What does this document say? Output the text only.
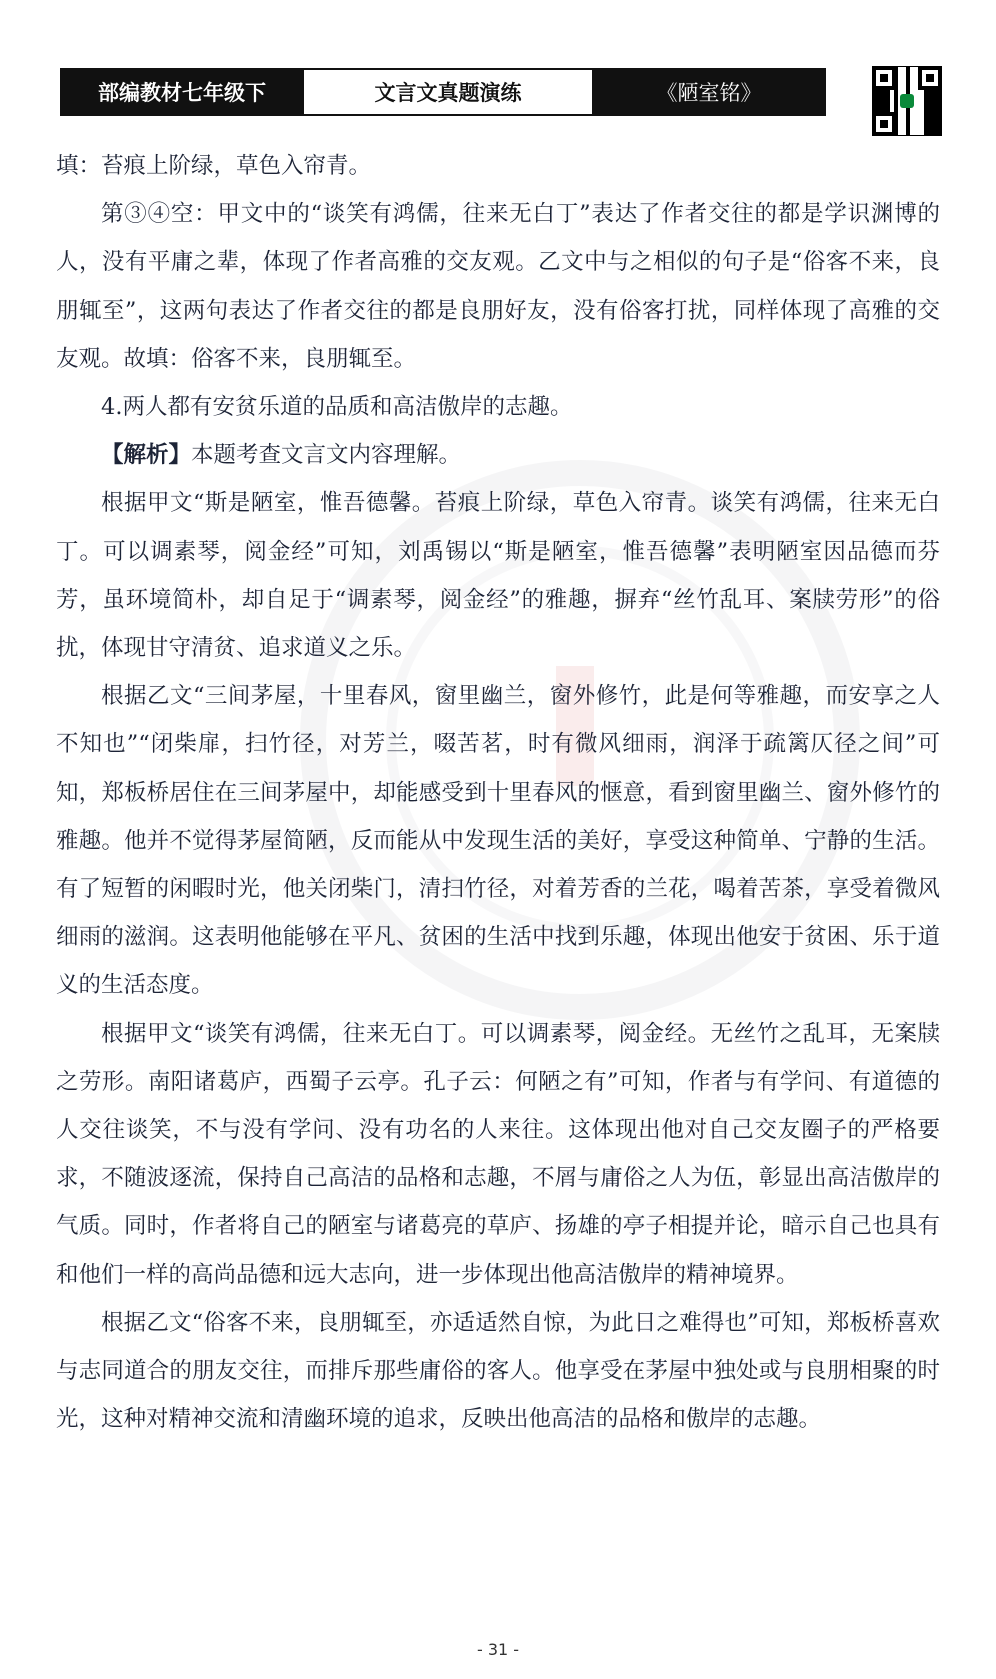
部编教材七年级下	文言文真题演练	《陋室铭》

填：苔痕上阶绿，草色入帘青。

第③④空：甲文中的“谈笑有鸿儒，往来无白丁”表达了作者交往的都是学识渊博的人，没有平庸之辈，体现了作者高雅的交友观。乙文中与之相似的句子是“俗客不来，良朋辄至”，这两句表达了作者交往的都是良朋好友，没有俗客打扰，同样体现了高雅的交友观。故填：俗客不来，良朋辄至。

4.两人都有安贫乐道的品质和高洁傲岸的志趣。

【解析】本题考查文言文内容理解。

根据甲文“斯是陋室，惟吾德馨。苔痕上阶绿，草色入帘青。谈笑有鸿儒，往来无白丁。可以调素琴，阅金经”可知，刘禹锡以“斯是陋室，惟吾德馨”表明陋室因品德而芬芳，虽环境简朴，却自足于“调素琴，阅金经”的雅趣，摒弃“丝竹乱耳、案牍劳形”的俗扰，体现甘守清贫、追求道义之乐。

根据乙文“三间茅屋，十里春风，窗里幽兰，窗外修竹，此是何等雅趣，而安享之人不知也”“闭柴扉，扫竹径，对芳兰，啜苦茗，时有微风细雨，润泽于疏篱仄径之间”可知，郑板桥居住在三间茅屋中，却能感受到十里春风的惬意，看到窗里幽兰、窗外修竹的雅趣。他并不觉得茅屋简陋，反而能从中发现生活的美好，享受这种简单、宁静的生活。有了短暂的闲暇时光，他关闭柴门，清扫竹径，对着芳香的兰花，喝着苦茶，享受着微风细雨的滋润。这表明他能够在平凡、贫困的生活中找到乐趣，体现出他安于贫困、乐于道义的生活态度。

根据甲文“谈笑有鸿儒，往来无白丁。可以调素琴，阅金经。无丝竹之乱耳，无案牍之劳形。南阳诸葛庐，西蜀子云亭。孔子云：何陋之有”可知，作者与有学问、有道德的人交往谈笑，不与没有学问、没有功名的人来往。这体现出他对自己交友圈子的严格要求，不随波逐流，保持自己高洁的品格和志趣，不屑与庸俗之人为伍，彰显出高洁傲岸的气质。同时，作者将自己的陋室与诸葛亮的草庐、扬雄的亭子相提并论，暗示自己也具有和他们一样的高尚品德和远大志向，进一步体现出他高洁傲岸的精神境界。

根据乙文“俗客不来，良朋辄至，亦适适然自惊，为此日之难得也”可知，郑板桥喜欢与志同道合的朋友交往，而排斥那些庸俗的客人。他享受在茅屋中独处或与良朋相聚的时光，这种对精神交流和清幽环境的追求，反映出他高洁的品格和傲岸的志趣。

- 31 -
